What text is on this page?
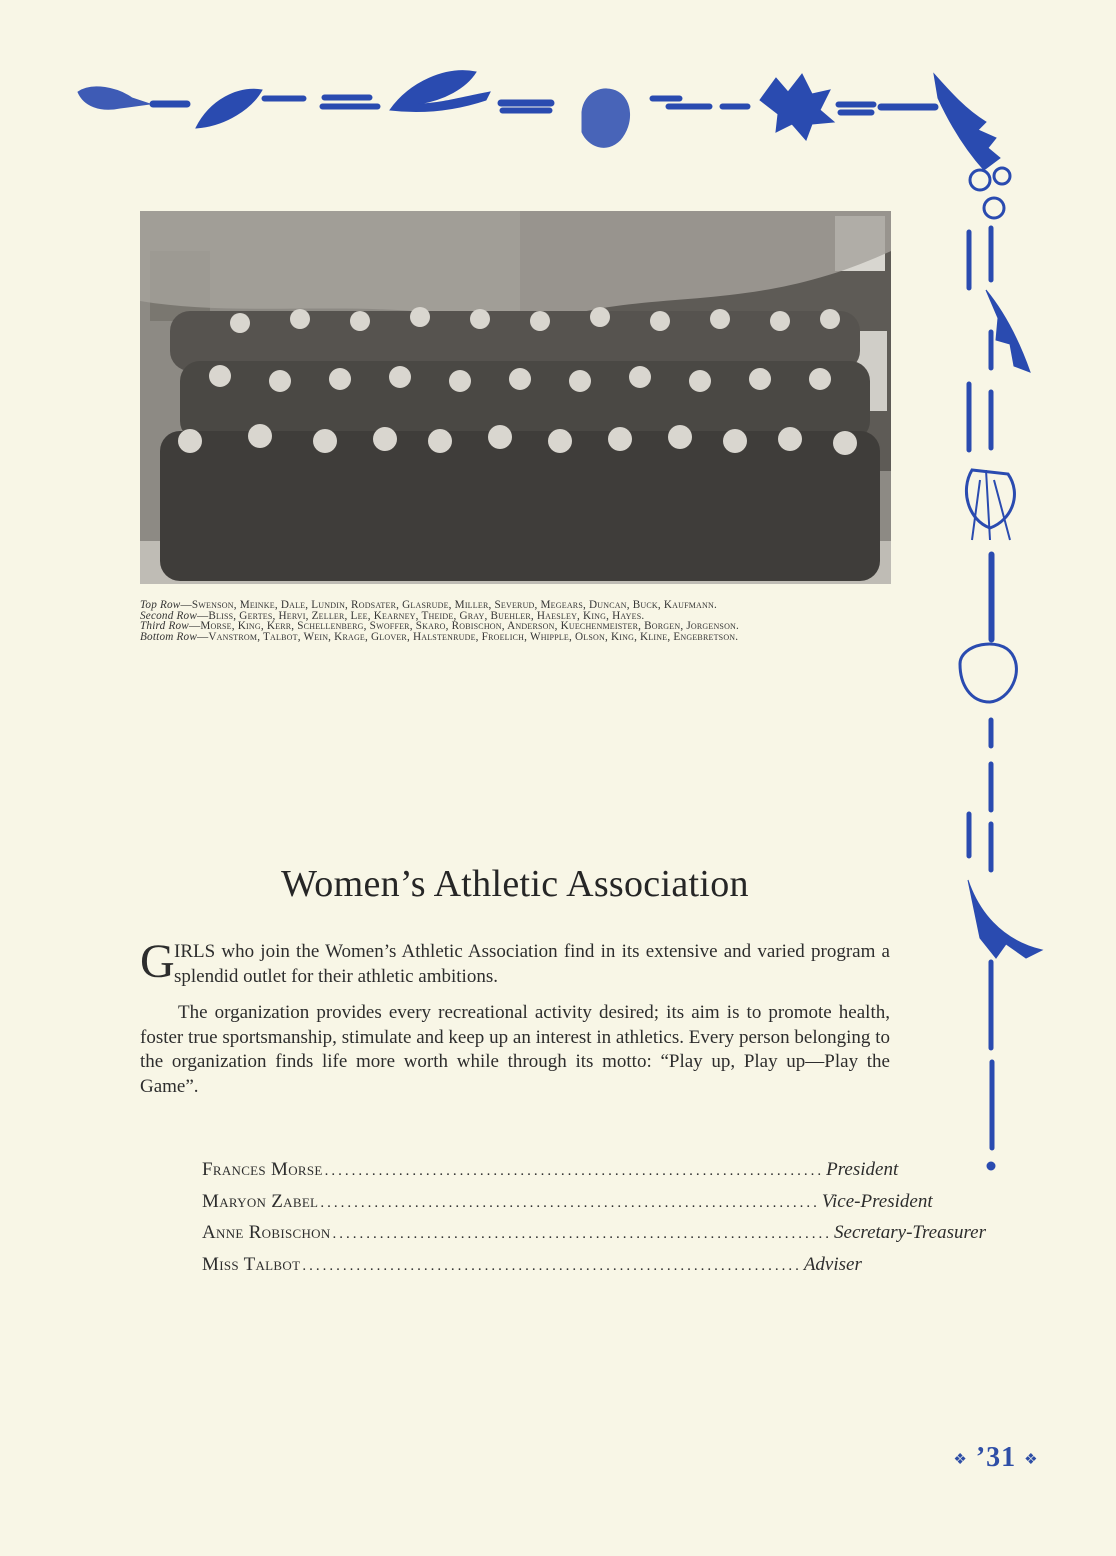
Top Row—Swenson, Meinke, Dale, Lundin, Rodsater, Glasrude, Miller, Severud, Megears, Duncan, Buck, Kaufmann.

Second Row—Bliss, Gertes, Hervi, Zeller, Lee, Kearney, Theide, Gray, Buehler, Haesley, King, Hayes.

Third Row—Morse, King, Kerr, Schellenberg, Swoffer, Skaro, Robischon, Anderson, Kuechenmeister, Borgen, Jorgenson.

Bottom Row—Vanstrom, Talbot, Wein, Krage, Glover, Halstenrude, Froelich, Whipple, Olson, King, Kline, Engebretson.

Women’s Athletic Association

G IRLS who join the Women’s Athletic Association find in its extensive and varied program a splendid outlet for their athletic ambitions.

The organization provides every recreational activity desired; its aim is to promote health, foster true sportsmanship, stimulate and keep up an interest in athletics. Every person belonging to the organization finds life more worth while through its motto: “Play up, Play up—Play the Game”.

Frances Morse .......................................................................... President
Maryon Zabel .......................................................................... Vice-President
Anne Robischon .......................................................................... Secretary-Treasurer
Miss Talbot .......................................................................... Adviser
❖ ’31 ❖
